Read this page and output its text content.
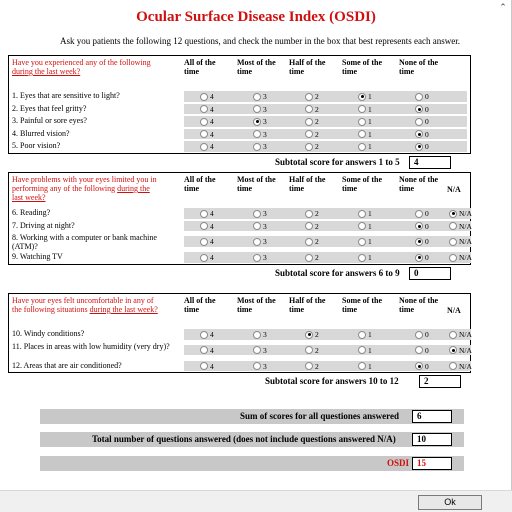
⌃
Ocular Surface Disease Index (OSDI)
Ask you patients the following 12 questions, and check the number in the box that best represents each answer.
Have you experienced any of the following during the last week?
All of the time
Most of the time
Half of the time
Some of the time
None of the time
1. Eyes that are sensitive to light?	4	3	2	1	0
2. Eyes that feel gritty?	4	3	2	1	0
3. Painful or sore eyes?	4	3	2	1	0
4. Blurred vision?	4	3	2	1	0
5. Poor vision?	4	3	2	1	0
Subtotal score for answers 1 to 5	4
Have problems with your eyes limited you in performing any of the following during the last week?
All of the time
Most of the time
Half of the time
Some of the time
None of the time	N/A
6. Reading?	4	3	2	1	0	N/A
7. Driving at night?	4	3	2	1	0	N/A
8. Working with a computer or bank machine (ATM)?
4	3	2	1	0	N/A
9. Watching TV	4	3	2	1	0	N/A
Subtotal score for answers 6 to 9	0
Have your eyes felt uncomfortable in any of the following situations during the last week?
All of the time
Most of the time
Half of the time
Some of the time
None of the time	N/A
10. Windy conditions?	4	3	2	1	0	N/A
11. Places in areas with low humidity (very dry)?	4	3	2	1	0	N/A
12. Areas that are air conditioned?	4	3	2	1	0	N/A
Subtotal score for answers 10 to 12	2
Sum of scores for all questiones answered	6
Total number of questions answered (does not include questions answered N/A)	10
OSDI 15
Ok
